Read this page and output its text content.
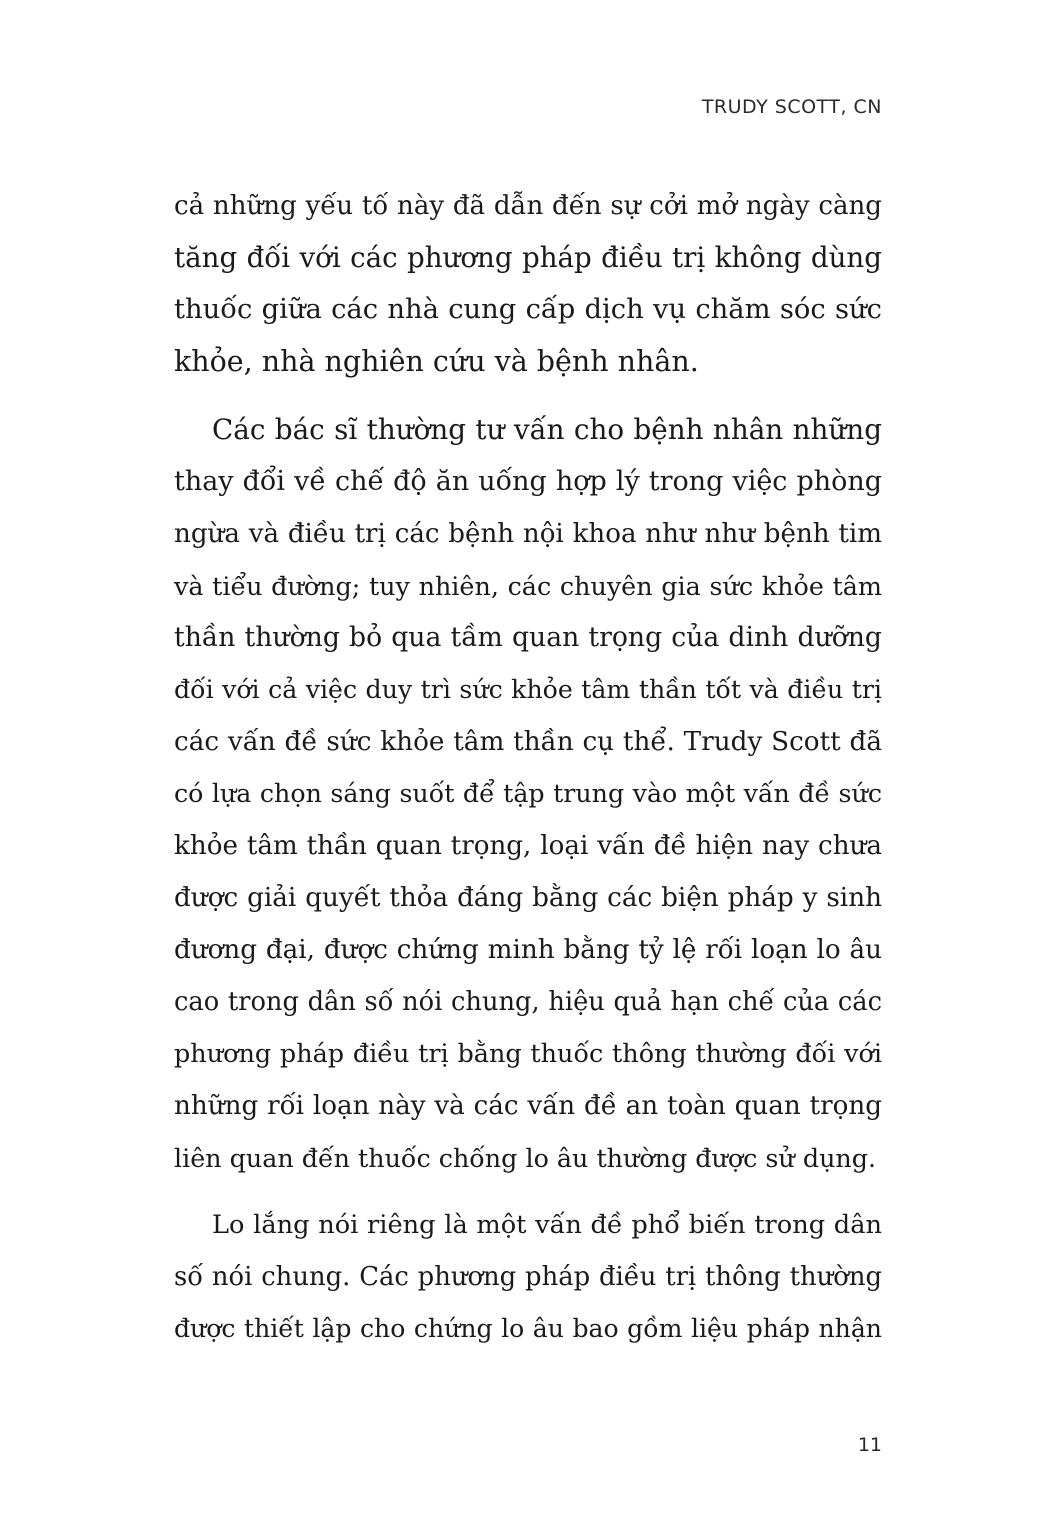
TRUDY SCOTT, CN
cả những yếu tố này đã dẫn đến sự cởi mở ngày càng
tăng đối với các phương pháp điều trị không dùng
thuốc giữa các nhà cung cấp dịch vụ chăm sóc sức
khỏe, nhà nghiên cứu và bệnh nhân.
Các bác sĩ thường tư vấn cho bệnh nhân những
thay đổi về chế độ ăn uống hợp lý trong việc phòng
ngừa và điều trị các bệnh nội khoa như như bệnh tim
và tiểu đường; tuy nhiên, các chuyên gia sức khỏe tâm
thần thường bỏ qua tầm quan trọng của dinh dưỡng
đối với cả việc duy trì sức khỏe tâm thần tốt và điều trị
các vấn đề sức khỏe tâm thần cụ thể. Trudy Scott đã
có lựa chọn sáng suốt để tập trung vào một vấn đề sức
khỏe tâm thần quan trọng, loại vấn đề hiện nay chưa
được giải quyết thỏa đáng bằng các biện pháp y sinh
đương đại, được chứng minh bằng tỷ lệ rối loạn lo âu
cao trong dân số nói chung, hiệu quả hạn chế của các
phương pháp điều trị bằng thuốc thông thường đối với
những rối loạn này và các vấn đề an toàn quan trọng
liên quan đến thuốc chống lo âu thường được sử dụng.
Lo lắng nói riêng là một vấn đề phổ biến trong dân
số nói chung. Các phương pháp điều trị thông thường
được thiết lập cho chứng lo âu bao gồm liệu pháp nhận
11
